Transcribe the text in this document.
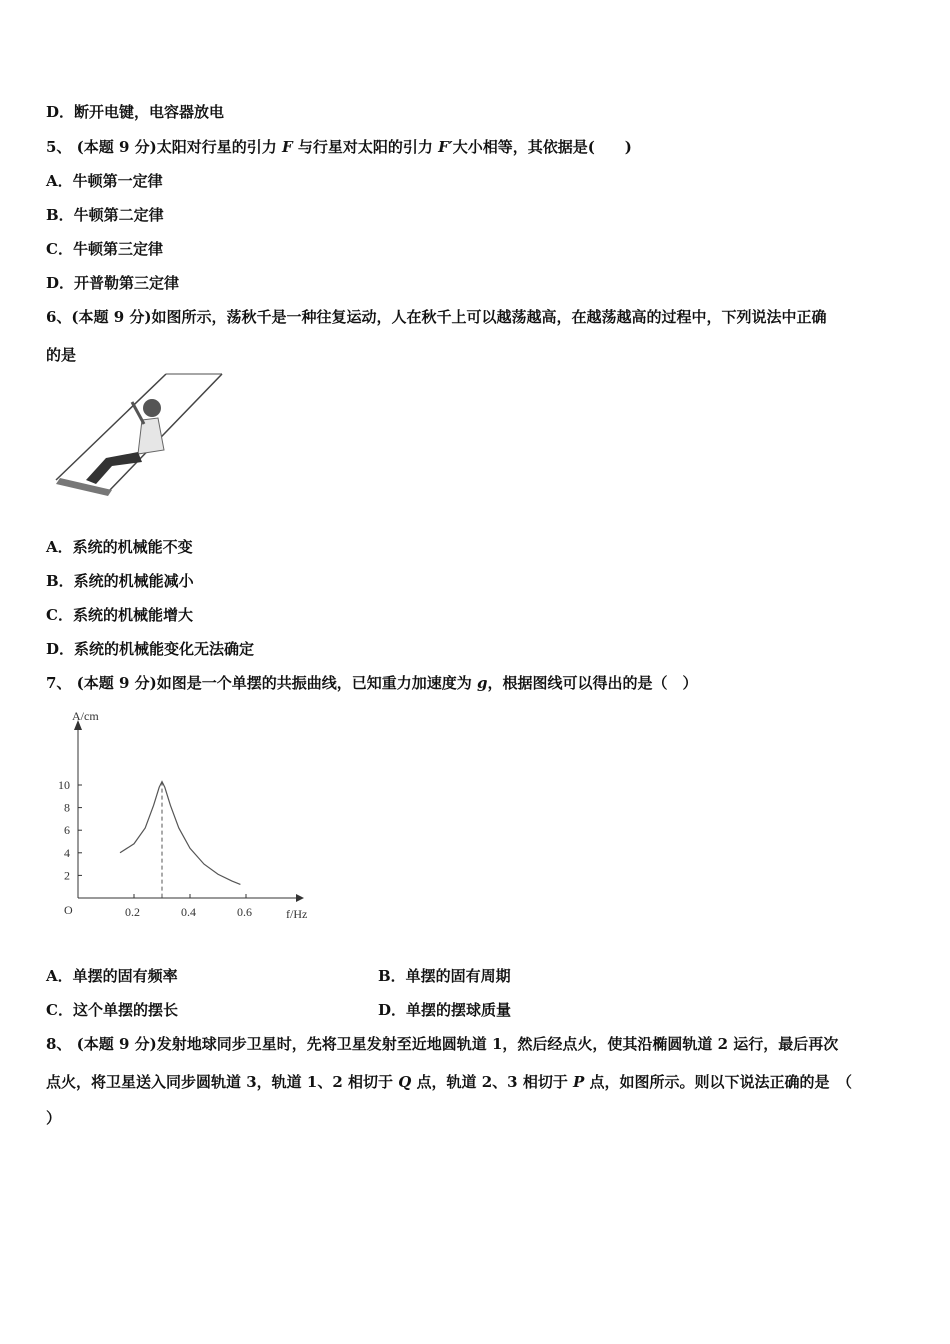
D．断开电键，电容器放电
5、 (本题 9 分)太阳对行星的引力 F 与行星对太阳的引力 F′大小相等，其依据是(　　)
A．牛顿第一定律
B．牛顿第二定律
C．牛顿第三定律
D．开普勒第三定律
6、(本题 9 分)如图所示，荡秋千是一种往复运动，人在秋千上可以越荡越高，在越荡越高的过程中，下列说法中正确
的是
A．系统的机械能不变
B．系统的机械能减小
C．系统的机械能增大
D．系统的机械能变化无法确定
7、 (本题 9 分)如图是一个单摆的共振曲线，已知重力加速度为 g，根据图线可以得出的是（　）
A/cm
f/Hz
O	0.2	0.4	0.6
2
4
6
8
10
A．单摆的固有频率	B．单摆的固有周期
C．这个单摆的摆长	D．单摆的摆球质量
8、 (本题 9 分)发射地球同步卫星时，先将卫星发射至近地圆轨道 1，然后经点火，使其沿椭圆轨道 2 运行，最后再次
点火，将卫星送入同步圆轨道 3，轨道 1、2 相切于 Q 点，轨道 2、3 相切于 P 点，如图所示。则以下说法正确的是　（
）
